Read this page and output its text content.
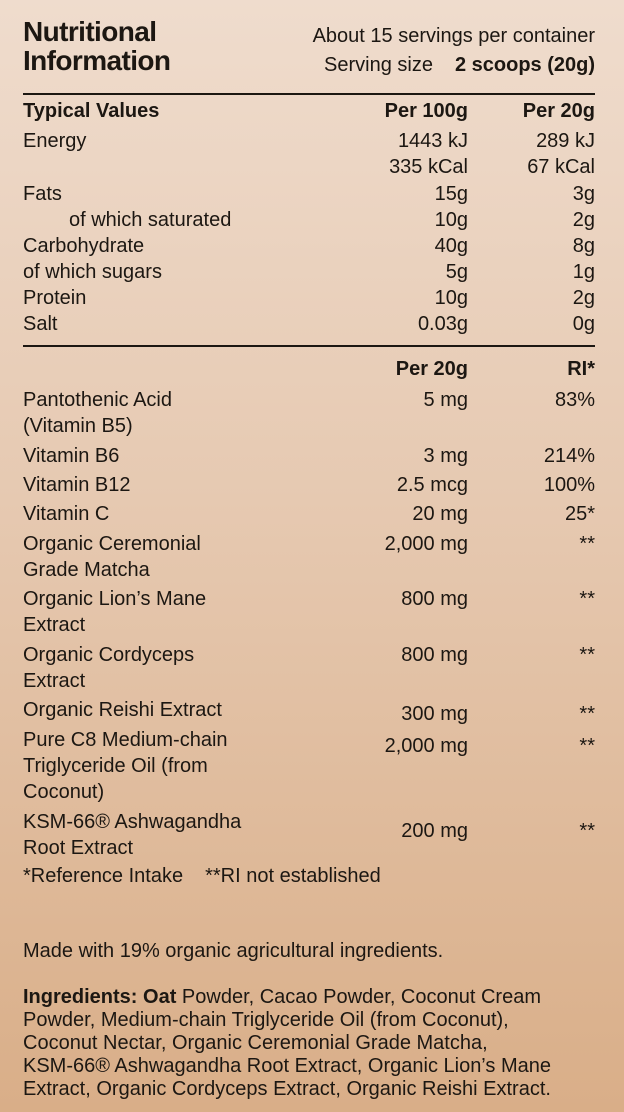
Nutritional
Information
About 15 servings per container
Serving size 2 scoops (20g)
Typical Values	Per 100g	Per 20g
Energy	1443 kJ	289 kJ
335 kCal	67 kCal
Fats	15g	3g
of which saturated	10g	2g
Carbohydrate	40g	8g
of which sugars	5g	1g
Protein	10g	2g
Salt	0.03g	0g
Per 20g	RI*
Pantothenic Acid
(Vitamin B5)
5 mg	83%
Vitamin B6	3 mg	214%
Vitamin B12	2.5 mcg	100%
Vitamin C	20 mg	25*
Organic Ceremonial
Grade Matcha
2,000 mg	**
Organic Lion’s Mane
Extract
800 mg	**
Organic Cordyceps
Extract
800 mg	**
Organic Reishi Extract	300 mg	**
Pure C8 Medium-chain
Triglyceride Oil (from
Coconut)
2,000 mg	**
KSM-66® Ashwagandha
Root Extract
200 mg	**
*Reference Intake **RI not established
Made with 19% organic agricultural ingredients.
Ingredients: Oat Powder, Cacao Powder, Coconut Cream
Powder, Medium-chain Triglyceride Oil (from Coconut),
Coconut Nectar, Organic Ceremonial Grade Matcha,
KSM-66® Ashwagandha Root Extract, Organic Lion’s Mane
Extract, Organic Cordyceps Extract, Organic Reishi Extract.
